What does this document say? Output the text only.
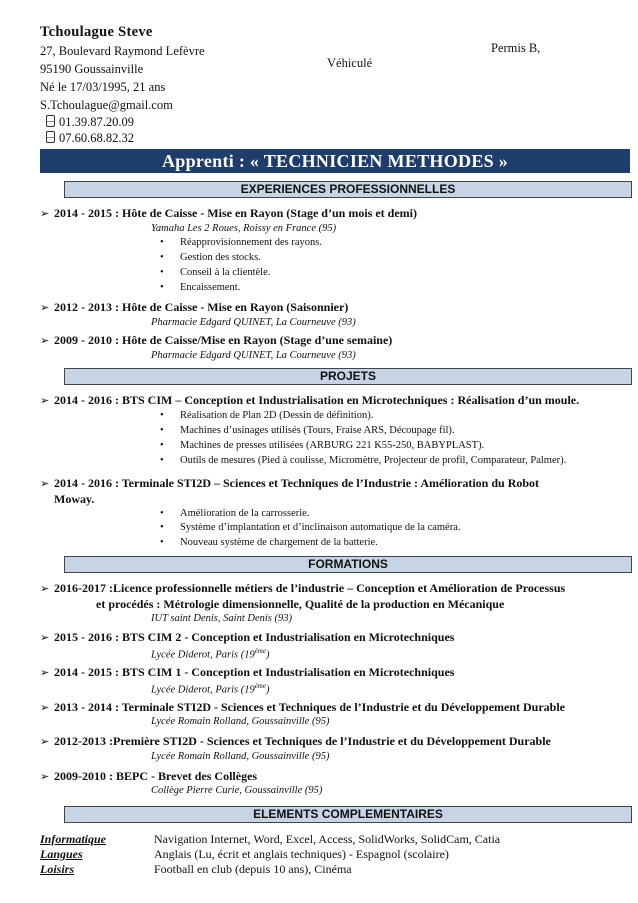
Tchoulague Steve
27, Boulevard Raymond Lefèvre
95190 Goussainville
Né le 17/03/1995, 21 ans
Véhiculé
Permis B,
S.Tchoulague@gmail.com
01.39.87.20.09
07.60.68.82.32
Apprenti : « TECHNICIEN METHODES »
EXPERIENCES PROFESSIONNELLES
➢ 2014 - 2015 : Hôte de Caisse - Mise en Rayon (Stage d’un mois et demi)
Yamaha Les 2 Roues, Roissy en France (95)
• Réapprovisionnement des rayons.
• Gestion des stocks.
• Conseil à la clientèle.
• Encaissement.
➢ 2012 - 2013 : Hôte de Caisse - Mise en Rayon (Saisonnier)
Pharmacie Edgard QUINET, La Courneuve (93)
➢ 2009 - 2010 : Hôte de Caisse/Mise en Rayon (Stage d’une semaine)
Pharmacie Edgard QUINET, La Courneuve (93)
PROJETS
➢ 2014 - 2016 : BTS CIM – Conception et Industrialisation en Microtechniques : Réalisation d’un moule.
• Réalisation de Plan 2D (Dessin de définition).
• Machines d’usinages utilisés (Tours, Fraise ARS, Découpage fil).
• Machines de presses utilisées (ARBURG 221 K55-250, BABYPLAST).
•	Outils de mesures (Pied à coulisse, Micromètre, Projecteur de profil, Comparateur, Palmer).
➢ 2014 - 2016 : Terminale STI2D – Sciences et Techniques de l’Industrie : Amélioration du Robot
Moway.
• Amélioration de la carrosserie.
• Système d’implantation et d’inclinaison automatique de la caméra.
• Nouveau système de chargement de la batterie.
FORMATIONS
➢ 2016-2017 :Licence professionnelle métiers de l’industrie – Conception et Amélioration de Processus
et procédés : Métrologie dimensionnelle, Qualité de la production en Mécanique
IUT saint Denis, Saint Denis (93)
➢ 2015 - 2016 : BTS CIM 2 - Conception et Industrialisation en Microtechniques
Lycée Diderot, Paris (19ème)
➢ 2014 - 2015 : BTS CIM 1 - Conception et Industrialisation en Microtechniques
Lycée Diderot, Paris (19ème)
➢ 2013 - 2014 : Terminale STI2D - Sciences et Techniques de l’Industrie et du Développement Durable
Lycée Romain Rolland, Goussainville (95)
➢ 2012-2013 :Première STI2D - Sciences et Techniques de l’Industrie et du Développement Durable
Lycée Romain Rolland, Goussainville (95)
➢ 2009-2010 : BEPC - Brevet des Collèges
Collège Pierre Curie, Goussainville (95)
ELEMENTS COMPLEMENTAIRES
Informatique	Navigation Internet, Word, Excel, Access, SolidWorks, SolidCam, Catia
Langues	Anglais (Lu, écrit et anglais techniques) - Espagnol (scolaire)
Loisirs	Football en club (depuis 10 ans), Cinéma
